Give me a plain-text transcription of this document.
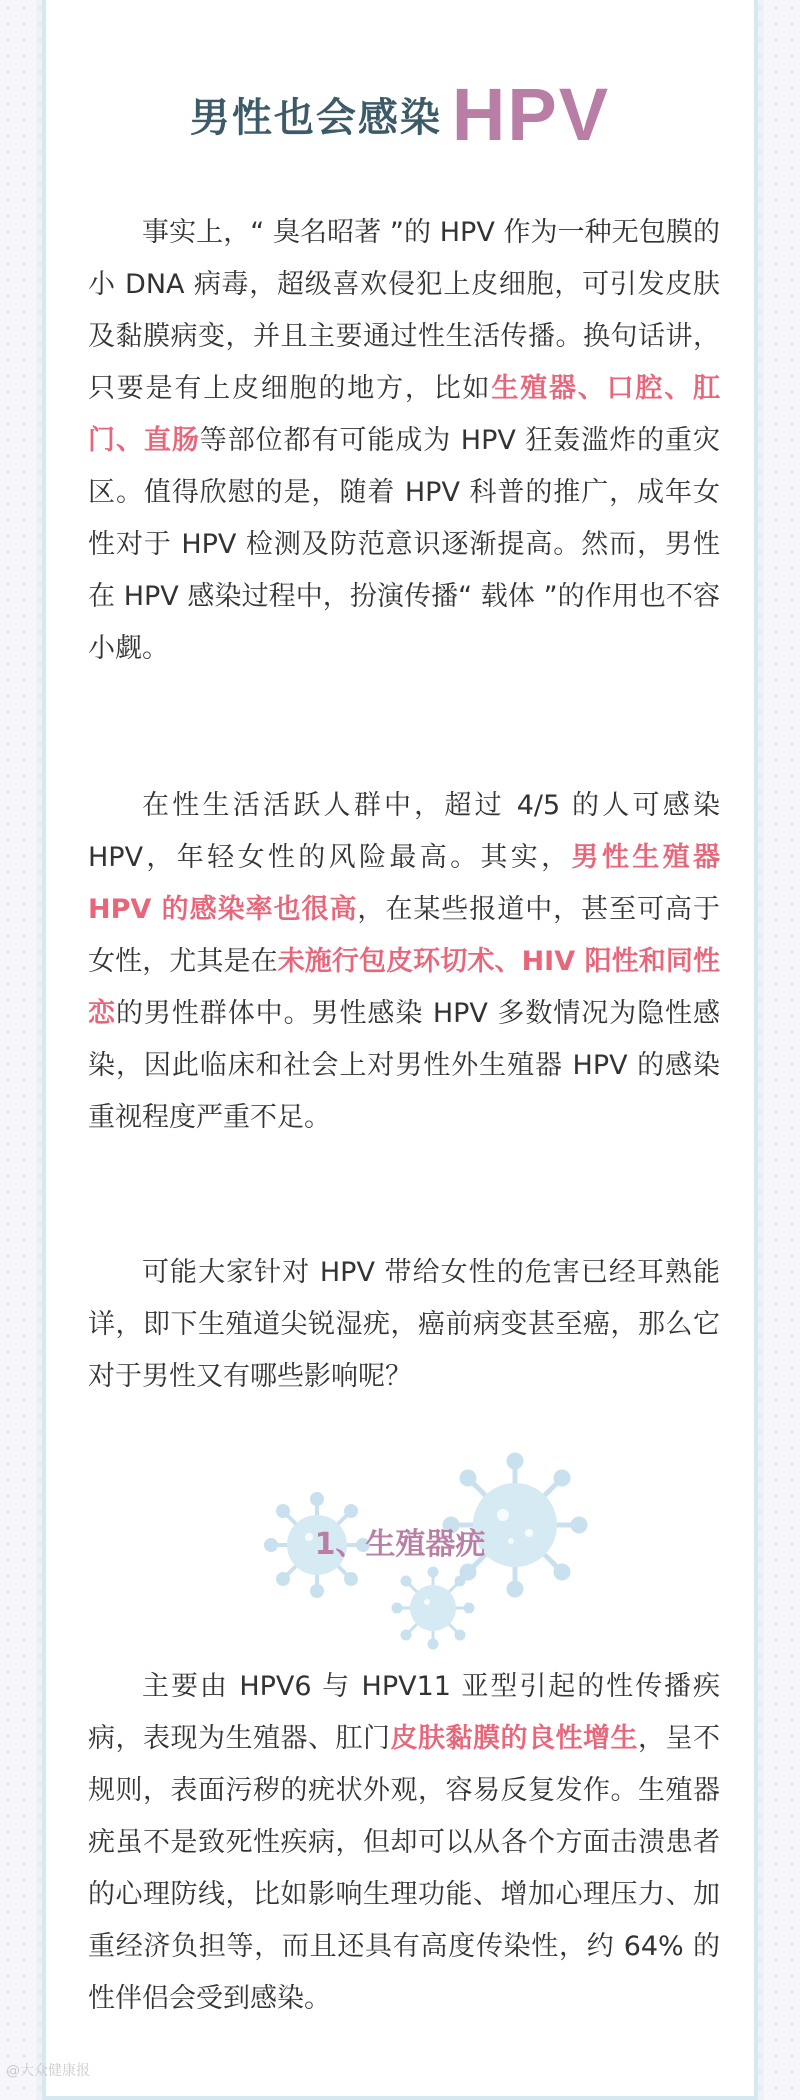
男性也会感染 HPV

事实上，“ 臭名昭著 ”的 HPV 作为一种无包膜的小 DNA 病毒，超级喜欢侵犯上皮细胞，可引发皮肤及黏膜病变，并且主要通过性生活传播。换句话讲，只要是有上皮细胞的地方，比如生殖器、口腔、肛门、直肠等部位都有可能成为 HPV 狂轰滥炸的重灾区。值得欣慰的是，随着 HPV 科普的推广，成年女性对于 HPV 检测及防范意识逐渐提高。然而，男性在 HPV 感染过程中，扮演传播“ 载体 ”的作用也不容小觑。

在性生活活跃人群中，超过 4/5 的人可感染 HPV，年轻女性的风险最高。其实，男性生殖器 HPV 的感染率也很高，在某些报道中，甚至可高于女性，尤其是在未施行包皮环切术、HIV 阳性和同性恋的男性群体中。男性感染 HPV 多数情况为隐性感染，因此临床和社会上对男性外生殖器 HPV 的感染重视程度严重不足。

可能大家针对 HPV 带给女性的危害已经耳熟能详，即下生殖道尖锐湿疣，癌前病变甚至癌，那么它对于男性又有哪些影响呢？

1、生殖器疣

主要由 HPV6 与 HPV11 亚型引起的性传播疾病，表现为生殖器、肛门皮肤黏膜的良性增生，呈不规则，表面污秽的疣状外观，容易反复发作。生殖器疣虽不是致死性疾病，但却可以从各个方面击溃患者的心理防线，比如影响生理功能、增加心理压力、加重经济负担等，而且还具有高度传染性，约 64% 的性伴侣会受到感染。

@大众健康报
